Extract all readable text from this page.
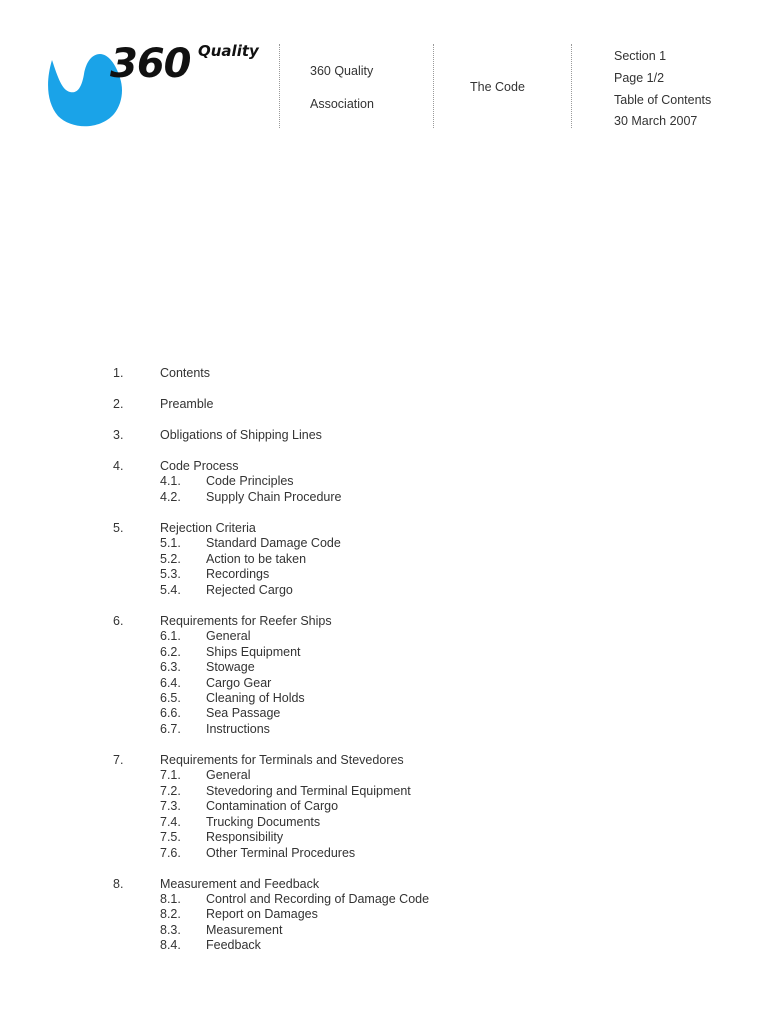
360 Quality
360 Quality
Association
The Code
Section 1
Page 1/2
Table of Contents
30 March 2007
1.	Contents
2.	Preamble
3.	Obligations of Shipping Lines
4.	Code Process
4.1. Code Principles
4.2. Supply Chain Procedure
5.	Rejection Criteria
5.1. Standard Damage Code
5.2. Action to be taken
5.3. Recordings
5.4. Rejected Cargo
6.	Requirements for Reefer Ships
6.1. General
6.2. Ships Equipment
6.3. Stowage
6.4. Cargo Gear
6.5. Cleaning of Holds
6.6. Sea Passage
6.7. Instructions
7.	Requirements for Terminals and Stevedores
7.1. General
7.2. Stevedoring and Terminal Equipment
7.3. Contamination of Cargo
7.4. Trucking Documents
7.5. Responsibility
7.6. Other Terminal Procedures
8.	Measurement and Feedback
8.1. Control and Recording of Damage Code
8.2. Report on Damages
8.3. Measurement
8.4. Feedback
